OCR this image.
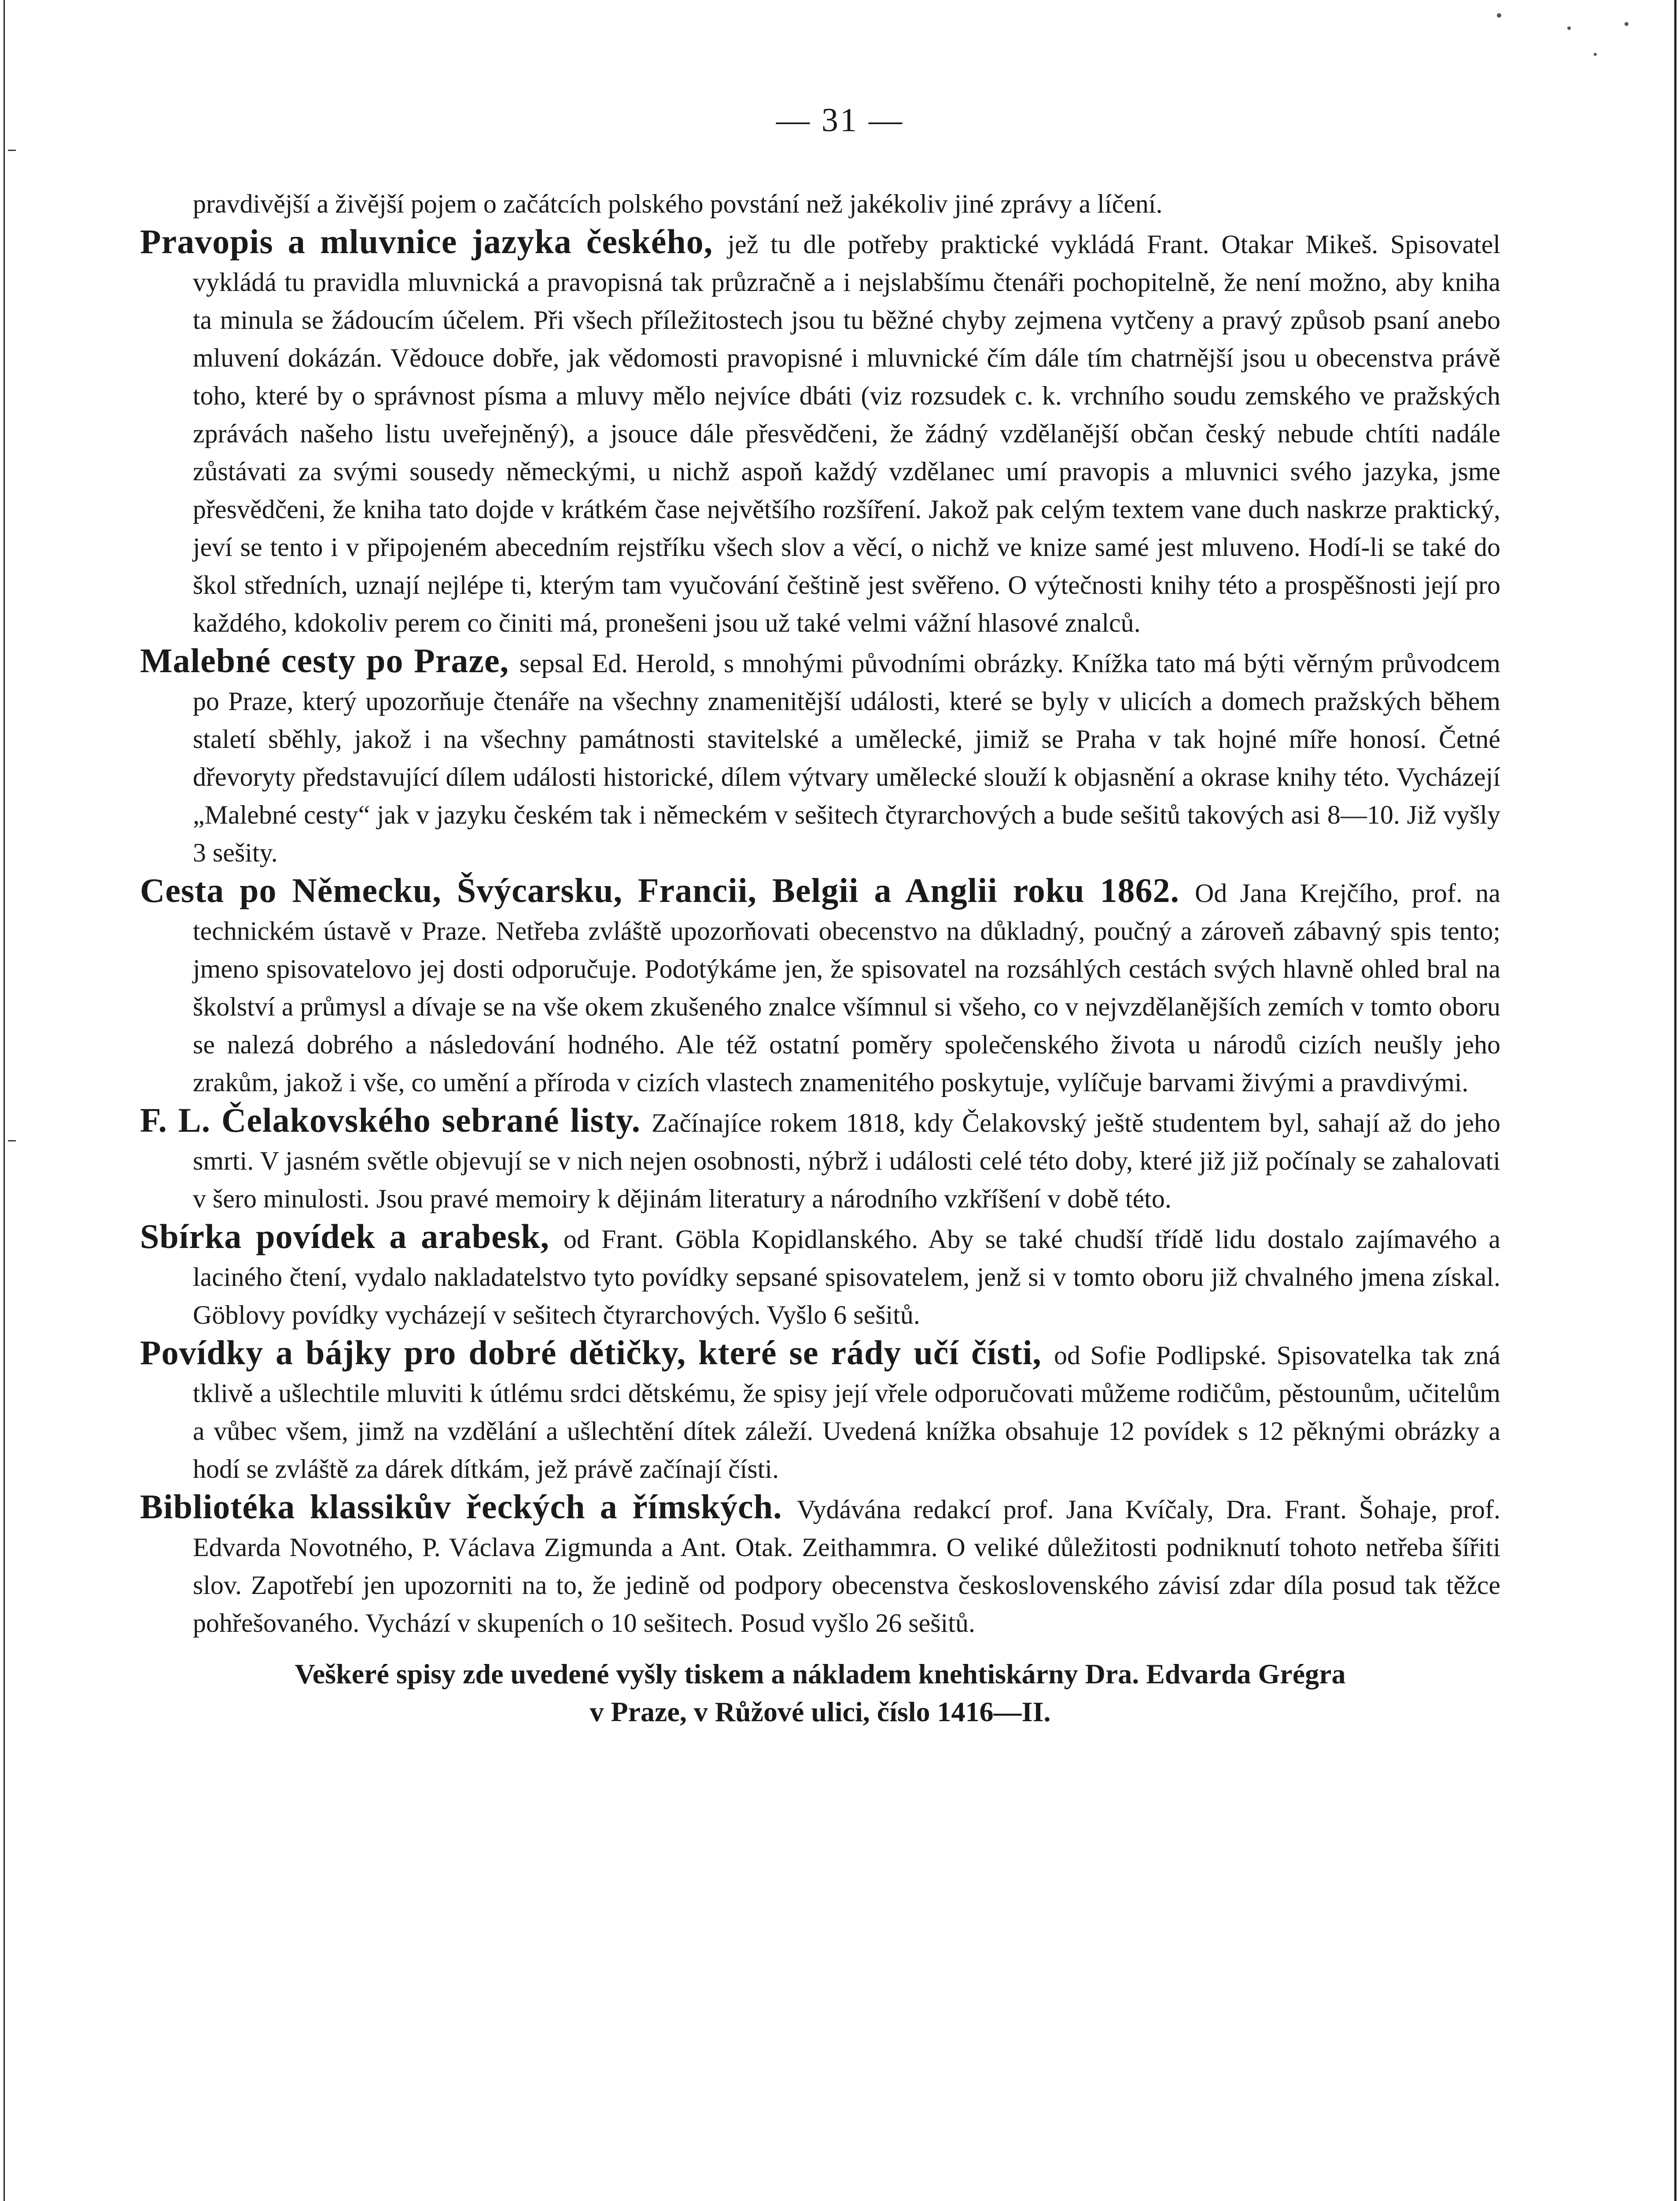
— 31 —

pravdivější a živější pojem o začátcích polského povstání než jakékoliv jiné zprávy a líčení.

Pravopis a mluvnice jazyka českého, jež tu dle potřeby praktické vykládá Frant. Otakar Mikeš. Spisovatel vykládá tu pravidla mluvnická a pravopisná tak průzračně a i nejslabšímu čtenáři pochopitelně, že není možno, aby kniha ta minula se žádoucím účelem. Při všech příležitostech jsou tu běžné chyby zejmena vytčeny a pravý způsob psaní anebo mluvení dokázán. Vědouce dobře, jak vědomosti pravopisné i mluvnické čím dále tím chatrnější jsou u obecenstva právě toho, které by o správnost písma a mluvy mělo nejvíce dbáti (viz rozsudek c. k. vrchního soudu zemského ve pražských zprávách našeho listu uveřejněný), a jsouce dále přesvědčeni, že žádný vzdělanější občan český nebude chtíti nadále zůstávati za svými sousedy německými, u nichž aspoň každý vzdělanec umí pravopis a mluvnici svého jazyka, jsme přesvědčeni, že kniha tato dojde v krátkém čase největšího rozšíření. Jakož pak celým textem vane duch naskrze praktický, jeví se tento i v připojeném abecedním rejstříku všech slov a věcí, o nichž ve knize samé jest mluveno. Hodí-li se také do škol středních, uznají nejlépe ti, kterým tam vyučování češtině jest svěřeno. O výtečnosti knihy této a prospěšnosti její pro každého, kdokoliv perem co činiti má, pronešeni jsou už také velmi vážní hlasové znalců.

Malebné cesty po Praze, sepsal Ed. Herold, s mnohými původními obrázky. Knížka tato má býti věrným průvodcem po Praze, který upozorňuje čtenáře na všechny znamenitější události, které se byly v ulicích a domech pražských během staletí sběhly, jakož i na všechny památnosti stavitelské a umělecké, jimiž se Praha v tak hojné míře honosí. Četné dřevoryty představující dílem události historické, dílem výtvary umělecké slouží k objasnění a okrase knihy této. Vycházejí „Malebné cesty“ jak v jazyku českém tak i německém v sešitech čtyrarchových a bude sešitů takových asi 8—10. Již vyšly 3 sešity.

Cesta po Německu, Švýcarsku, Francii, Belgii a Anglii roku 1862. Od Jana Krejčího, prof. na technickém ústavě v Praze. Netřeba zvláště upozorňovati obecenstvo na důkladný, poučný a zároveň zábavný spis tento; jmeno spisovatelovo jej dosti odporučuje. Podotýkáme jen, že spisovatel na rozsáhlých cestách svých hlavně ohled bral na školství a průmysl a dívaje se na vše okem zkušeného znalce všímnul si všeho, co v nejvzdělanějších zemích v tomto oboru se nalezá dobrého a následování hodného. Ale též ostatní poměry společenského života u národů cizích neušly jeho zrakům, jakož i vše, co umění a příroda v cizích vlastech znamenitého poskytuje, vylíčuje barvami živými a pravdivými.

F. L. Čelakovského sebrané listy. Začínajíce rokem 1818, kdy Čelakovský ještě studentem byl, sahají až do jeho smrti. V jasném světle objevují se v nich nejen osobnosti, nýbrž i události celé této doby, které již již počínaly se zahalovati v šero minulosti. Jsou pravé memoiry k dějinám literatury a národního vzkříšení v době této.

Sbírka povídek a arabesk, od Frant. Göbla Kopidlanského. Aby se také chudší třídě lidu dostalo zajímavého a laciného čtení, vydalo nakladatelstvo tyto povídky sepsané spisovatelem, jenž si v tomto oboru již chvalného jmena získal. Göblovy povídky vycházejí v sešitech čtyrarchových. Vyšlo 6 sešitů.

Povídky a bájky pro dobré dětičky, které se rády učí čísti, od Sofie Podlipské. Spisovatelka tak zná tklivě a ušlechtile mluviti k útlému srdci dětskému, že spisy její vřele odporučovati můžeme rodičům, pěstounům, učitelům a vůbec všem, jimž na vzdělání a ušlechtění dítek záleží. Uvedená knížka obsahuje 12 povídek s 12 pěknými obrázky a hodí se zvláště za dárek dítkám, jež právě začínají čísti.

Bibliotéka klassikův řeckých a římských. Vydávána redakcí prof. Jana Kvíčaly, Dra. Frant. Šohaje, prof. Edvarda Novotného, P. Václava Zigmunda a Ant. Otak. Zeithammra. O veliké důležitosti podniknutí tohoto netřeba šířiti slov. Zapotřebí jen upozorniti na to, že jedině od podpory obecenstva československého závisí zdar díla posud tak těžce pohřešovaného. Vychází v skupeních o 10 sešitech. Posud vyšlo 26 sešitů.

Veškeré spisy zde uvedené vyšly tiskem a nákladem knehtiskárny Dra. Edvarda Grégra
v Praze, v Růžové ulici, číslo 1416—II.
